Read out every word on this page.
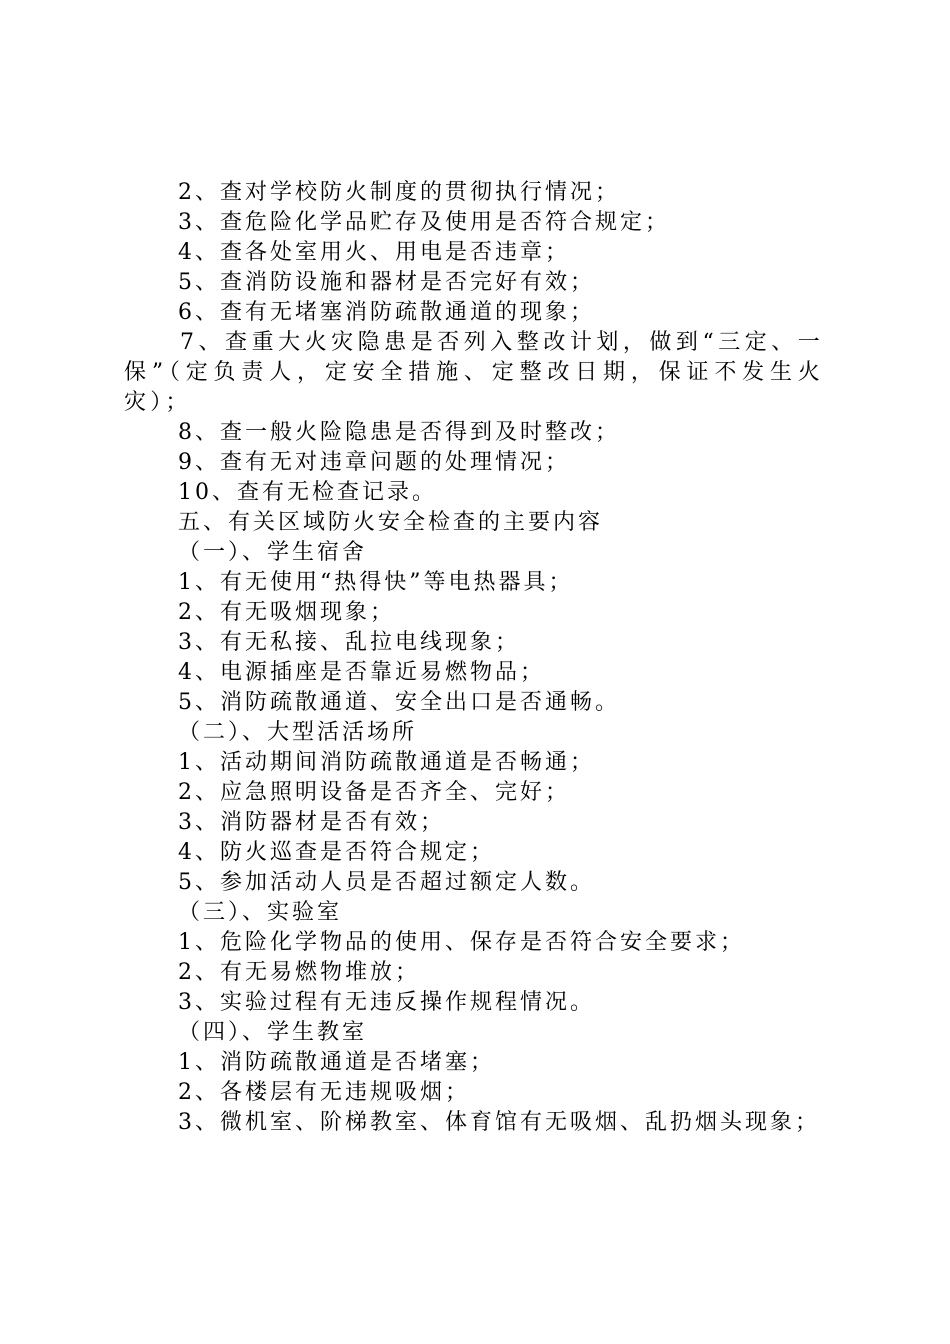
2、查对学校防火制度的贯彻执行情况；
3、查危险化学品贮存及使用是否符合规定；
4、查各处室用火、用电是否违章；
5、查消防设施和器材是否完好有效；
6、查有无堵塞消防疏散通道的现象；
7、查重大火灾隐患是否列入整改计划，做到“三定、一保”（定负责人，定安全措施、定整改日期，保证不发生火灾）；
8、查一般火险隐患是否得到及时整改；
9、查有无对违章问题的处理情况；
10、查有无检查记录。
五、有关区域防火安全检查的主要内容
（一）、学生宿舍
1、有无使用“热得快”等电热器具；
2、有无吸烟现象；
3、有无私接、乱拉电线现象；
4、电源插座是否靠近易燃物品；
5、消防疏散通道、安全出口是否通畅。
（二）、大型活活场所
1、活动期间消防疏散通道是否畅通；
2、应急照明设备是否齐全、完好；
3、消防器材是否有效；
4、防火巡查是否符合规定；
5、参加活动人员是否超过额定人数。
（三）、实验室
1、危险化学物品的使用、保存是否符合安全要求；
2、有无易燃物堆放；
3、实验过程有无违反操作规程情况。
（四）、学生教室
1、消防疏散通道是否堵塞；
2、各楼层有无违规吸烟；
3、微机室、阶梯教室、体育馆有无吸烟、乱扔烟头现象；
